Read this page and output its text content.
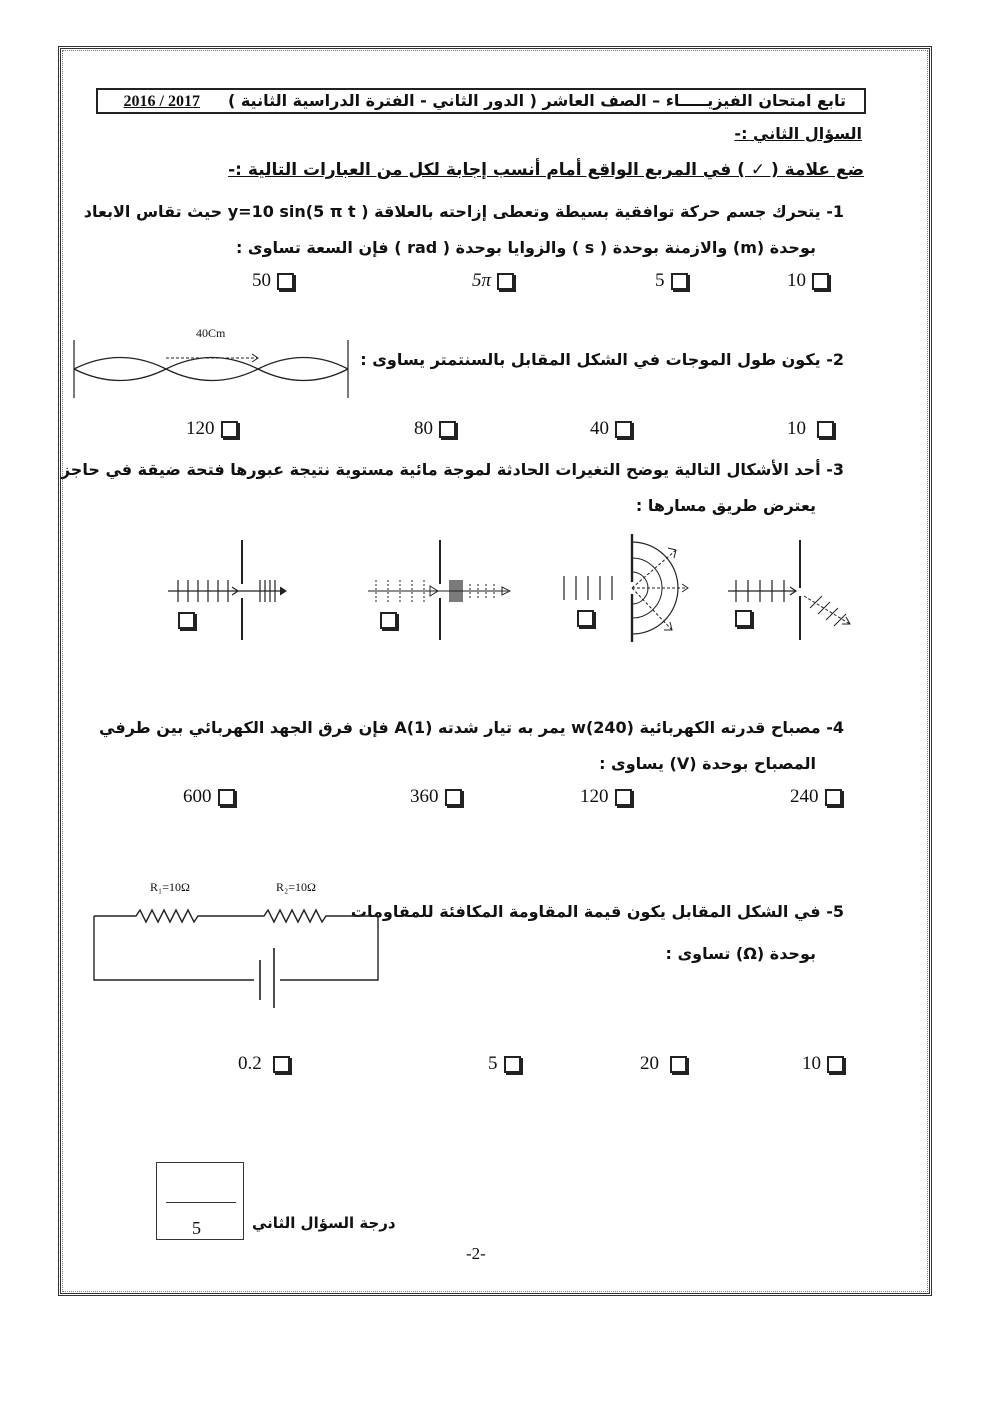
تابع امتحان الفيزيـــــاء – الصف العاشر ( الدور الثاني - الفترة الدراسية الثانية )2017 / 2016
السؤال الثاني :-
ضع علامة ( ✓ ) في المربع الواقع أمام أنسب إجابة لكل من العبارات التالية :-
1- يتحرك جسم حركة توافقية بسيطة وتعطى إزاحته بالعلاقة ( y=10 sin(5 π t حيث تقاس الابعاد
بوحدة (m) والازمنة بوحدة ( s ) والزوايا بوحدة ( rad ) فإن السعة تساوى :
10
5
5π
50
2- يكون طول الموجات في الشكل المقابل بالسنتمتر يساوى :
40Cm
10
40
80
120
3- أحد الأشكال التالية يوضح التغيرات الحادثة لموجة مائية مستوية نتيجة عبورها فتحة ضيقة في حاجز
يعترض طريق مسارها :
4- مصباح قدرته الكهربائية w(240) يمر به تيار شدته A(1) فإن فرق الجهد الكهربائي بين طرفي
المصباح بوحدة (V) يساوى :
240
120
360
600
5- في الشكل المقابل يكون قيمة المقاومة المكافئة للمقاومات
بوحدة (Ω) تساوى :
R₁=10Ω	R₂=10Ω
10
20
5
0.2
5	درجة السؤال الثاني
-2-
